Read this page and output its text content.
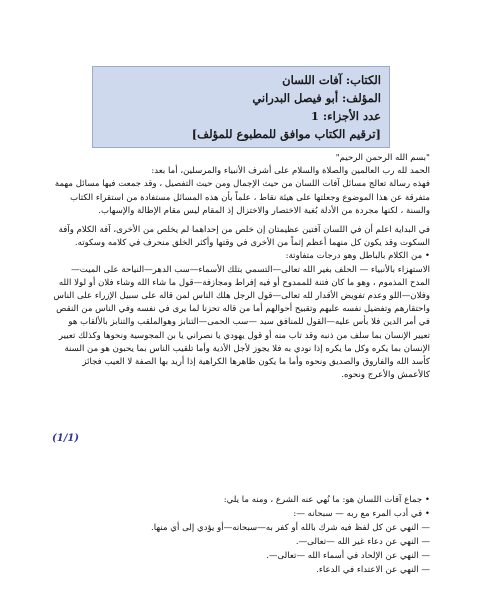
الكتاب: آفات اللسان
المؤلف: أبو فيصل البدراني
عدد الأجزاء: 1
[ترقيم الكتاب موافق للمطبوع للمؤلف]

"بسم الله الرحمن الرحيم"

الحمد لله رب العالمين والصلاة والسلام على أشرف الأنبياء والمرسلين، أما بعد:

فهذه رسالة تعالج مسائل آفات اللسان من حيث الإجمال ومن حيث التفصيل ، وقد جمعت فيها مسائل مهمة متفرقة عن هذا الموضوع وجعلتها على هيئة نقاط ، علماً بأن هذه المسائل مستفادة من استقراء الكتاب والسنة ، لكنها مجردة من الأدلة بُغية الاختصار والاختزال إذ المقام ليس مقام الإطالة والإسهاب.

في البداية اعلم أن في اللسان آفتين عظيمتان إن خلص من إحداهما لم يخلص من الأخرى، آفة الكلام وآفة السكوت وقد يكون كل منهما أعظم إثماً من الأخرى في وقتها وأكثر الخلق منحرف في كلامه وسكوته.

• من الكلام بالباطل وهو درجات متفاوتة:

الاستهزاء بالأنبياء — الحلف بغير الله تعالى—التسمي بتلك الأسماء—سب الدهر—النياحة على الميت—المدح المذموم ، وهو ما كان فتنة للممدوح أو فيه إفراط ومجازفة—قول ما شاء الله وشاء فلان أو لولا الله وفلان—اللو وعدم تفويض الأقدار لله تعالى—قول الرجل هلك الناس لمن قاله على سبيل الإزراء على الناس واحتقارهم وتفضيل نفسه عليهم وتقبيح أحوالهم أما من قاله تحزنا لما يرى في نفسه وفي الناس من النقص في أمر الدين فلا بأس عليه—القول للمنافق سيد —سب الحمى—التنابز وهوالملقب والتنابز بالألقاب هو تعيير الإنسان بما سلف من ذنبه وقد تاب منه أو قول يهودي يا نصراني يا بن المجوسية ونحوها وكذلك تعيير الإنسان بما يكره وكل ما يكره إذا نودي به فلا يجوز لأجل الأذية وأما تلقيب الناس بما يحبون هو من السنة كأسد الله والفاروق والصديق ونحوه وأما ما يكون ظاهرها الكراهية إذا أريد بها الصفة لا العيب فجائز كالأعمش والأعرج ونحوه.

(1/1)

• جماع آفات اللسان هو: ما نُهي عنه الشرع ، ومنه ما يلي:

• في أدب المرء مع ربه — سبحانه —:

— النهي عن كل لفظ فيه شرك بالله أو كفر به—سبحانه—أو يؤدي إلى أي منها.

— النهي عن دعاء غير الله —تعالى—.

— النهي عن الإلحاد في أسماء الله —تعالى—.

— النهي عن الاعتداء في الدعاء.
